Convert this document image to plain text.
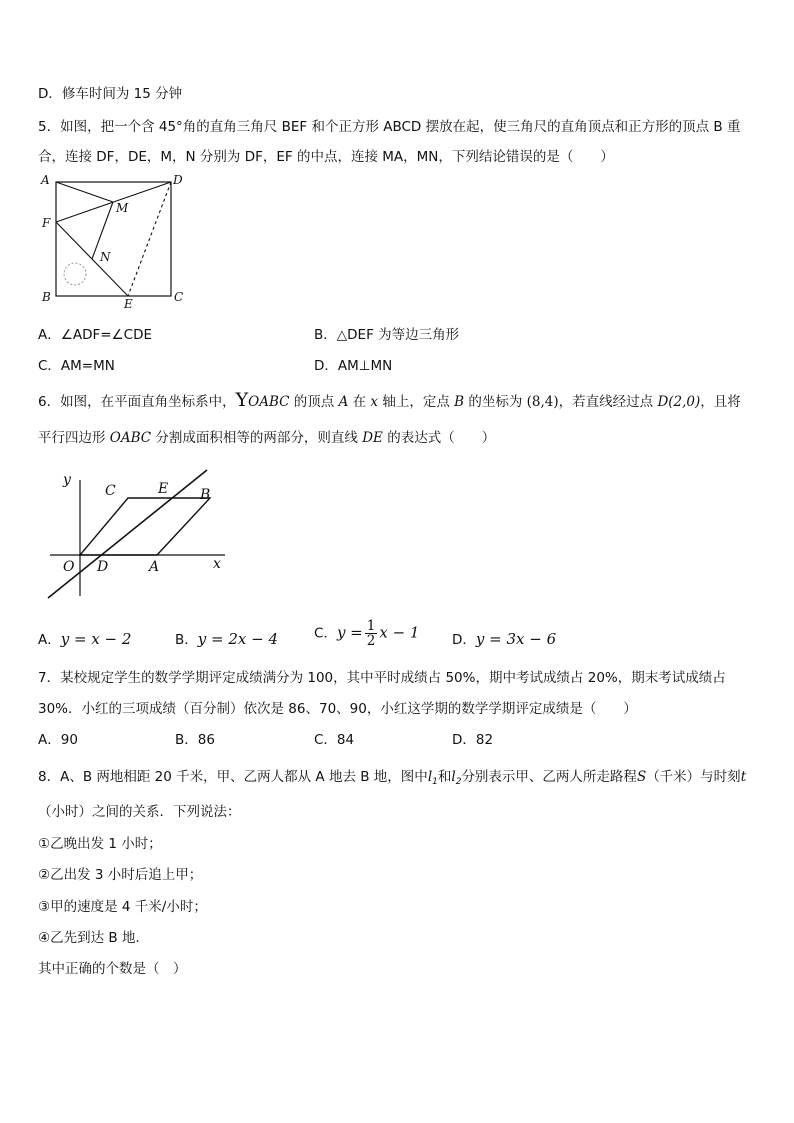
D．修车时间为 15 分钟
5．如图，把一个含 45°角的直角三角尺 BEF 和个正方形 ABCD 摆放在起，使三角尺的直角顶点和正方形的顶点 B 重
合，连接 DF，DE，M，N 分别为 DF，EF 的中点，连接 MA，MN，下列结论错误的是（　　）
A	D
F
M
N
B	E	C
A．∠ADF=∠CDE	B．△DEF 为等边三角形
C．AM=MN	D．AM⊥MN
6．如图，在平面直角坐标系中，YOABC 的顶点 A 在 x 轴上，定点 B 的坐标为 (8,4)，若直线经过点 D(2,0)，且将
平行四边形 OABC 分割成面积相等的两部分，则直线 DE 的表达式（　　）
y
x
C	E B
O D	A
A．y = x − 2	B．y = 2x − 4	C．$y = \frac{1}{2}$ x − 1 D．y = 3x − 6
7．某校规定学生的数学学期评定成绩满分为 100，其中平时成绩占 50%，期中考试成绩占 20%，期末考试成绩占
30%．小红的三项成绩（百分制）依次是 86、70、90，小红这学期的数学学期评定成绩是（　　）
A．90	B．86	C．84	D．82
8．A、B 两地相距 20 千米，甲、乙两人都从 A 地去 B 地，图中$l_1$和$l_2$分别表示甲、乙两人所走路程S（千米）与时刻t
（小时）之间的关系．下列说法：
①乙晚出发 1 小时；
②乙出发 3 小时后追上甲；
③甲的速度是 4 千米/小时；
④乙先到达 B 地．
其中正确的个数是（　）
